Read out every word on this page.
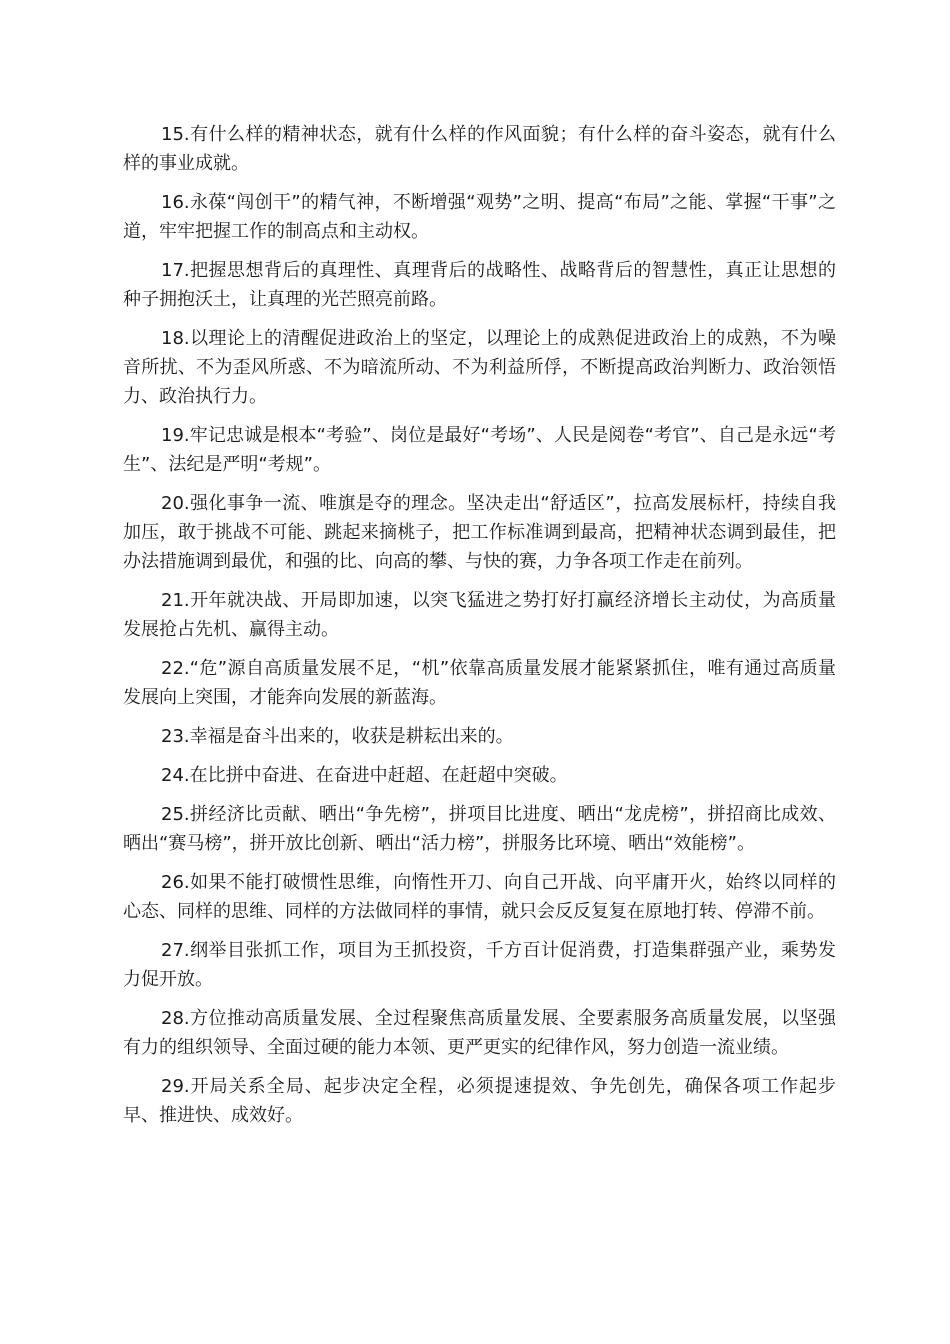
15.有什么样的精神状态，就有什么样的作风面貌；有什么样的奋斗姿态，就有什么样的事业成就。

16.永葆“闯创干”的精气神，不断增强“观势”之明、提高“布局”之能、掌握“干事”之道，牢牢把握工作的制高点和主动权。

17.把握思想背后的真理性、真理背后的战略性、战略背后的智慧性，真正让思想的种子拥抱沃土，让真理的光芒照亮前路。

18.以理论上的清醒促进政治上的坚定，以理论上的成熟促进政治上的成熟，不为噪音所扰、不为歪风所惑、不为暗流所动、不为利益所俘，不断提高政治判断力、政治领悟力、政治执行力。

19.牢记忠诚是根本“考验”、岗位是最好“考场”、人民是阅卷“考官”、自己是永远“考生”、法纪是严明“考规”。

20.强化事争一流、唯旗是夺的理念。坚决走出“舒适区”，拉高发展标杆，持续自我加压，敢于挑战不可能、跳起来摘桃子，把工作标准调到最高，把精神状态调到最佳，把办法措施调到最优，和强的比、向高的攀、与快的赛，力争各项工作走在前列。

21.开年就决战、开局即加速，以突飞猛进之势打好打赢经济增长主动仗，为高质量发展抢占先机、赢得主动。

22.“危”源自高质量发展不足，“机”依靠高质量发展才能紧紧抓住，唯有通过高质量发展向上突围，才能奔向发展的新蓝海。

23.幸福是奋斗出来的，收获是耕耘出来的。

24.在比拼中奋进、在奋进中赶超、在赶超中突破。

25.拼经济比贡献、晒出“争先榜”，拼项目比进度、晒出“龙虎榜”，拼招商比成效、晒出“赛马榜”，拼开放比创新、晒出“活力榜”，拼服务比环境、晒出“效能榜”。

26.如果不能打破惯性思维，向惰性开刀、向自己开战、向平庸开火，始终以同样的心态、同样的思维、同样的方法做同样的事情，就只会反反复复在原地打转、停滞不前。

27.纲举目张抓工作，项目为王抓投资，千方百计促消费，打造集群强产业，乘势发力促开放。

28.方位推动高质量发展、全过程聚焦高质量发展、全要素服务高质量发展，以坚强有力的组织领导、全面过硬的能力本领、更严更实的纪律作风，努力创造一流业绩。

29.开局关系全局、起步决定全程，必须提速提效、争先创先，确保各项工作起步早、推进快、成效好。
